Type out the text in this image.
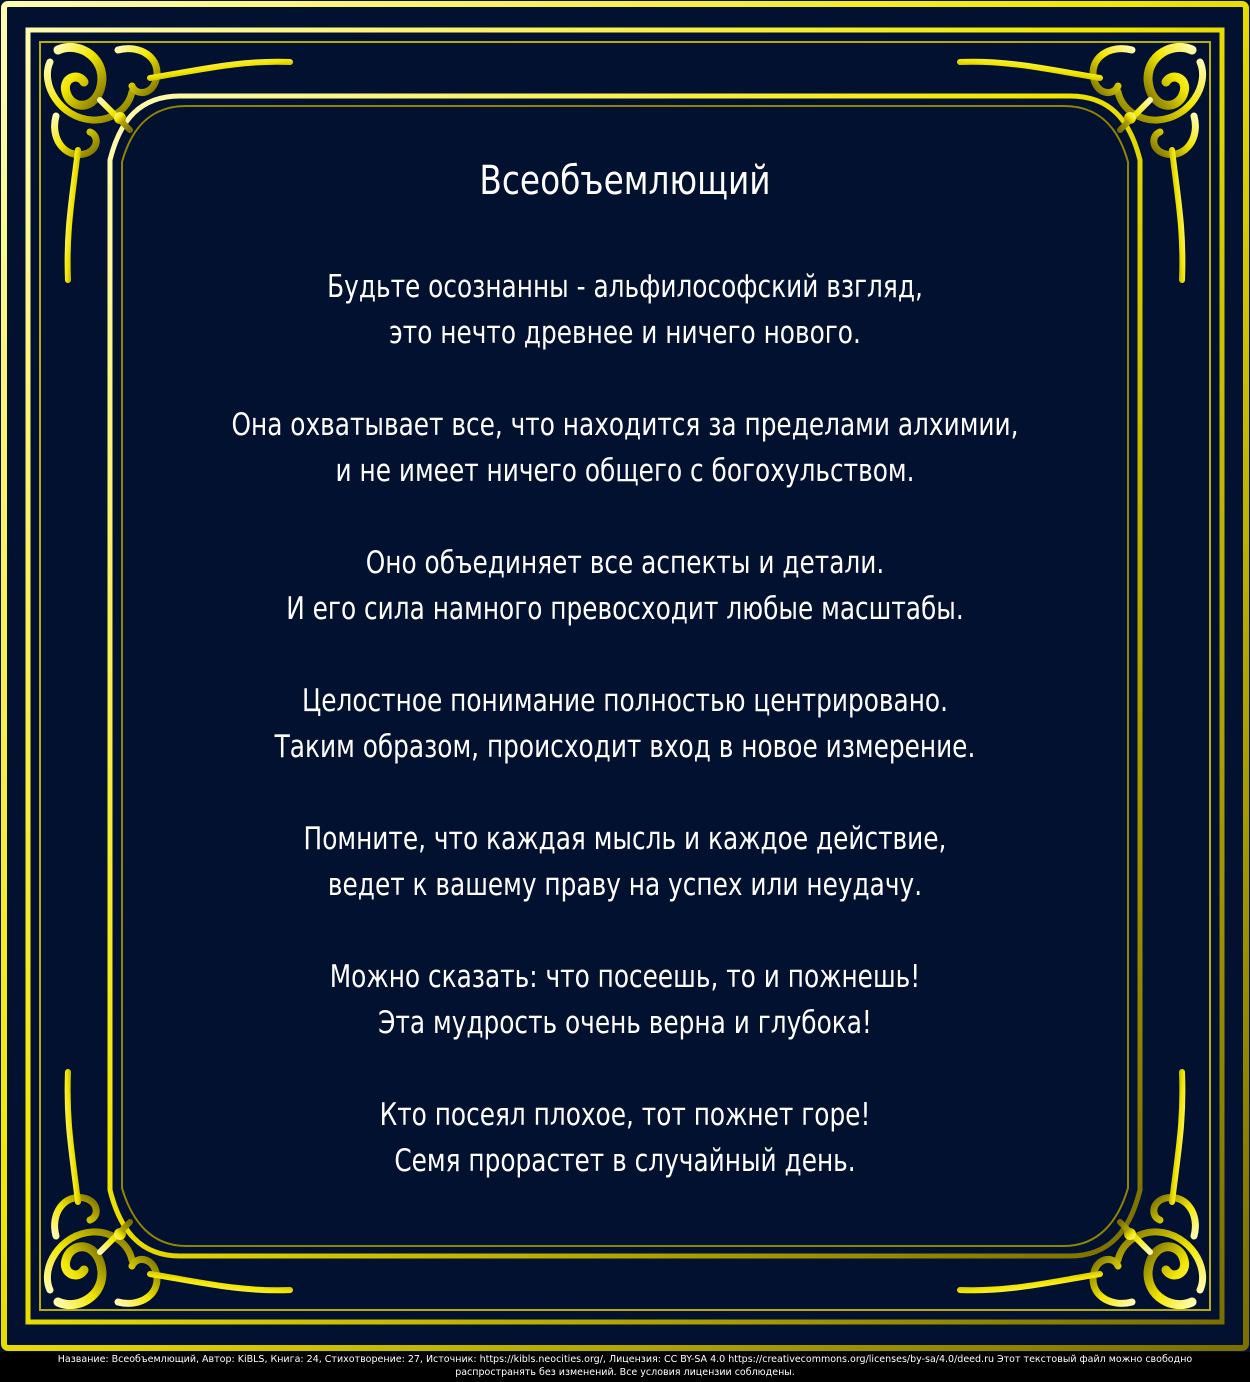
Всеобъемлющий
Будьте осознанны - альфилософский взгляд,
это нечто древнее и ничего нового.
Она охватывает все, что находится за пределами алхимии,
и не имеет ничего общего с богохульством.
Оно объединяет все аспекты и детали.
И его сила намного превосходит любые масштабы.
Целостное понимание полностью центрировано.
Таким образом, происходит вход в новое измерение.
Помните, что каждая мысль и каждое действие,
ведет к вашему праву на успех или неудачу.
Можно сказать: что посеешь, то и пожнешь!
Эта мудрость очень верна и глубока!
Кто посеял плохое, тот пожнет горе!
Семя прорастет в случайный день.
Название: Всеобъемлющий, Автор: KiBLS, Книга: 24, Стихотворение: 27, Источник: https://kibls.neocities.org/, Лицензия: CC BY-SA 4.0 https://creativecommons.org/licenses/by-sa/4.0/deed.ru Этот текстовый файл можно свободно
распространять без изменений. Все условия лицензии соблюдены.
